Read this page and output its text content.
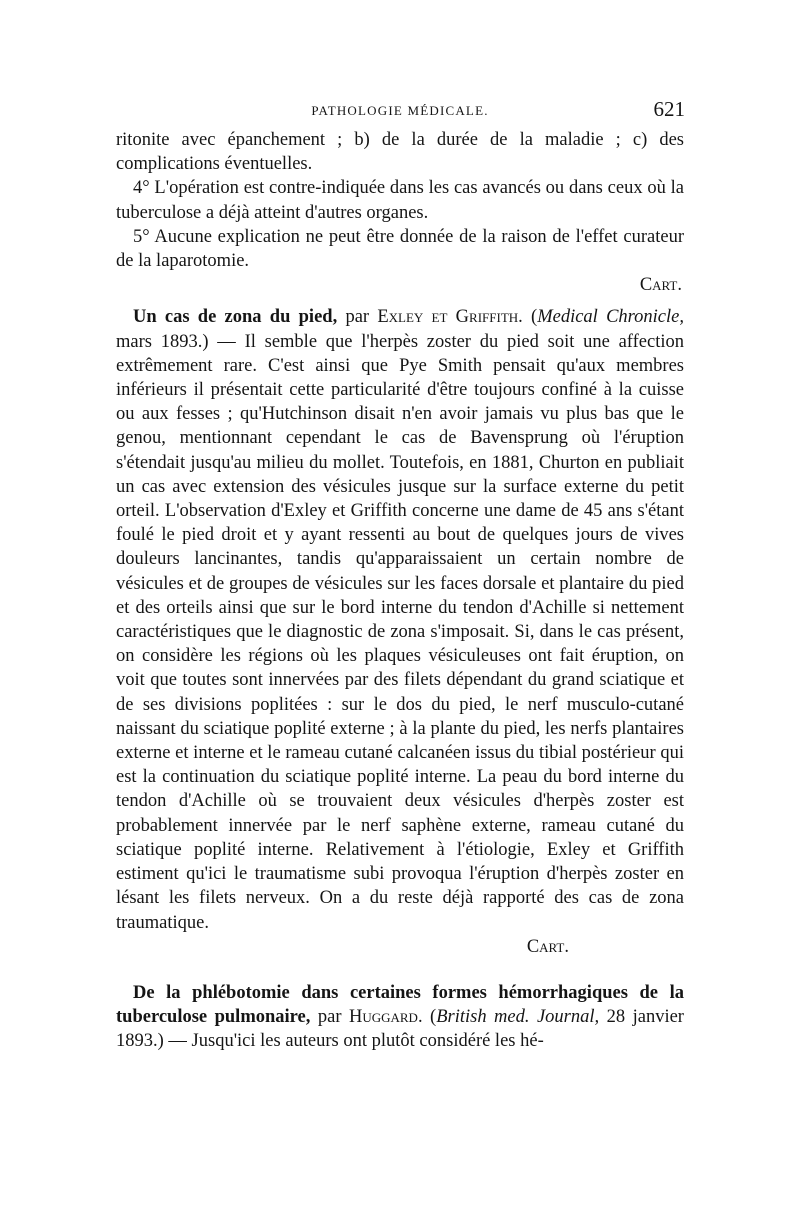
PATHOLOGIE MÉDICALE.	621

ritonite avec épanchement ; b) de la durée de la maladie ; c) des complications éventuelles.

4° L'opération est contre-indiquée dans les cas avancés ou dans ceux où la tuberculose a déjà atteint d'autres organes.

5° Aucune explication ne peut être donnée de la raison de l'effet curateur de la laparotomie.

Cart.

Un cas de zona du pied, par Exley et Griffith. (Medical Chronicle, mars 1893.) — Il semble que l'herpès zoster du pied soit une affection extrêmement rare. C'est ainsi que Pye Smith pensait qu'aux membres inférieurs il présentait cette particularité d'être toujours confiné à la cuisse ou aux fesses ; qu'Hutchinson disait n'en avoir jamais vu plus bas que le genou, mentionnant cependant le cas de Bavensprung où l'éruption s'étendait jusqu'au milieu du mollet. Toutefois, en 1881, Churton en publiait un cas avec extension des vésicules jusque sur la surface externe du petit orteil. L'observation d'Exley et Griffith concerne une dame de 45 ans s'étant foulé le pied droit et y ayant ressenti au bout de quelques jours de vives douleurs lancinantes, tandis qu'apparaissaient un certain nombre de vésicules et de groupes de vésicules sur les faces dorsale et plantaire du pied et des orteils ainsi que sur le bord interne du tendon d'Achille si nettement caractéristiques que le diagnostic de zona s'imposait. Si, dans le cas présent, on considère les régions où les plaques vésiculeuses ont fait éruption, on voit que toutes sont innervées par des filets dépendant du grand sciatique et de ses divisions poplitées : sur le dos du pied, le nerf musculo-cutané naissant du sciatique poplité externe ; à la plante du pied, les nerfs plantaires externe et interne et le rameau cutané calcanéen issus du tibial postérieur qui est la continuation du sciatique poplité interne. La peau du bord interne du tendon d'Achille où se trouvaient deux vésicules d'herpès zoster est probablement innervée par le nerf saphène externe, rameau cutané du sciatique poplité interne. Relativement à l'étiologie, Exley et Griffith estiment qu'ici le traumatisme subi provoqua l'éruption d'herpès zoster en lésant les filets nerveux. On a du reste déjà rapporté des cas de zona traumatique.

Cart.

De la phlébotomie dans certaines formes hémorrhagiques de la tuberculose pulmonaire, par Huggard. (British med. Journal, 28 janvier 1893.) — Jusqu'ici les auteurs ont plutôt considéré les hé-
